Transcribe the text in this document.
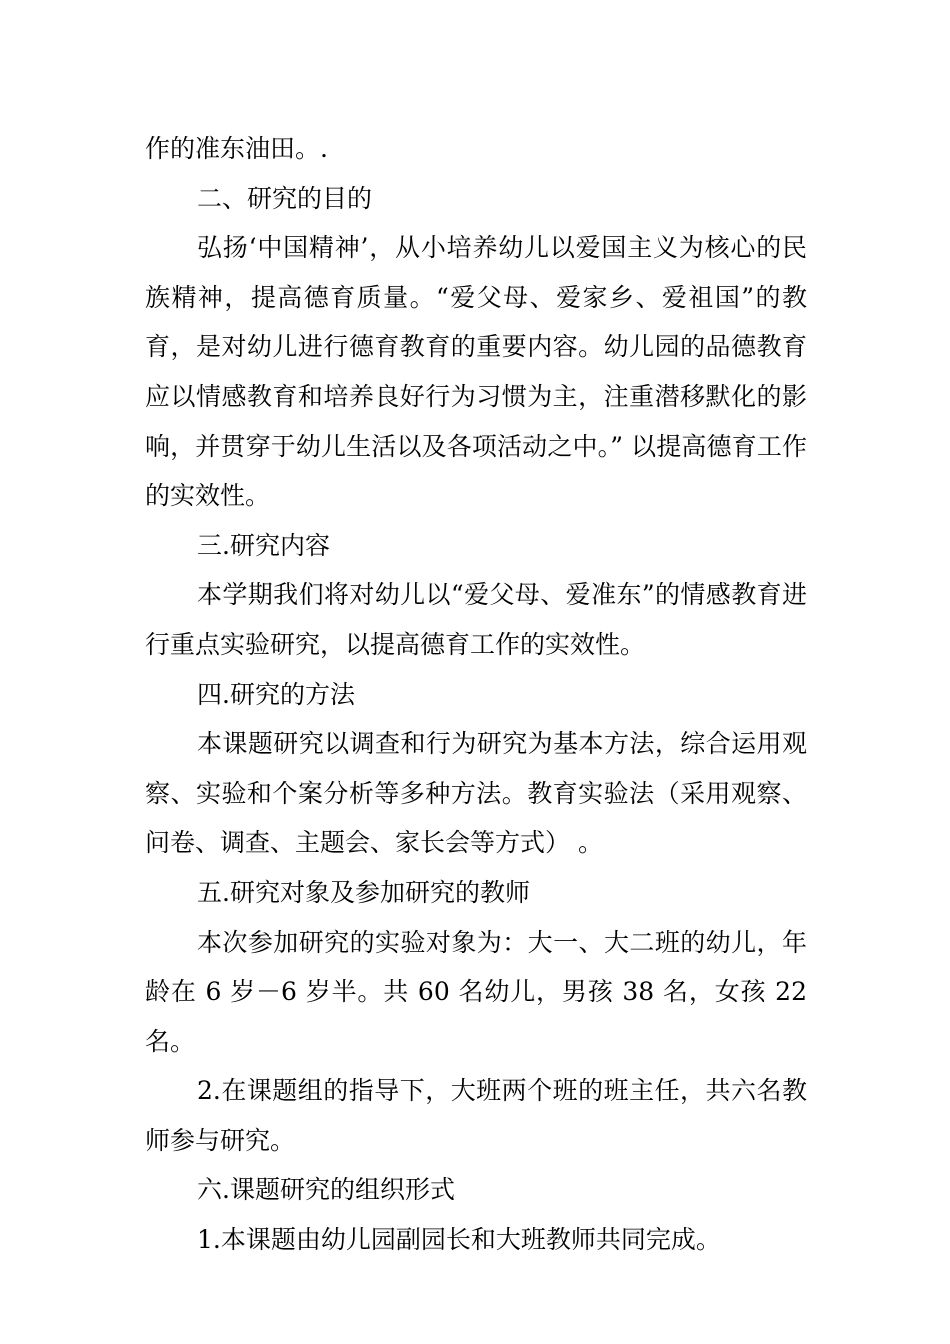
作的准东油田。.

二、研究的目的

弘扬‘中国精神’，从小培养幼儿以爱国主义为核心的民族精神，提高德育质量。“爱父母、爱家乡、爱祖国”的教育，是对幼儿进行德育教育的重要内容。幼儿园的品德教育应以情感教育和培养良好行为习惯为主，注重潜移默化的影响，并贯穿于幼儿生活以及各项活动之中。” 以提高德育工作的实效性。

三.研究内容

本学期我们将对幼儿以“爱父母、爱准东”的情感教育进行重点实验研究，以提高德育工作的实效性。

四.研究的方法

本课题研究以调查和行为研究为基本方法，综合运用观察、实验和个案分析等多种方法。教育实验法（采用观察、问卷、调查、主题会、家长会等方式） 。

五.研究对象及参加研究的教师

本次参加研究的实验对象为：大一、大二班的幼儿，年龄在 6 岁－6 岁半。共 60 名幼儿，男孩 38 名，女孩 22 名。

2.在课题组的指导下，大班两个班的班主任，共六名教师参与研究。

六.课题研究的组织形式

1.本课题由幼儿园副园长和大班教师共同完成。
